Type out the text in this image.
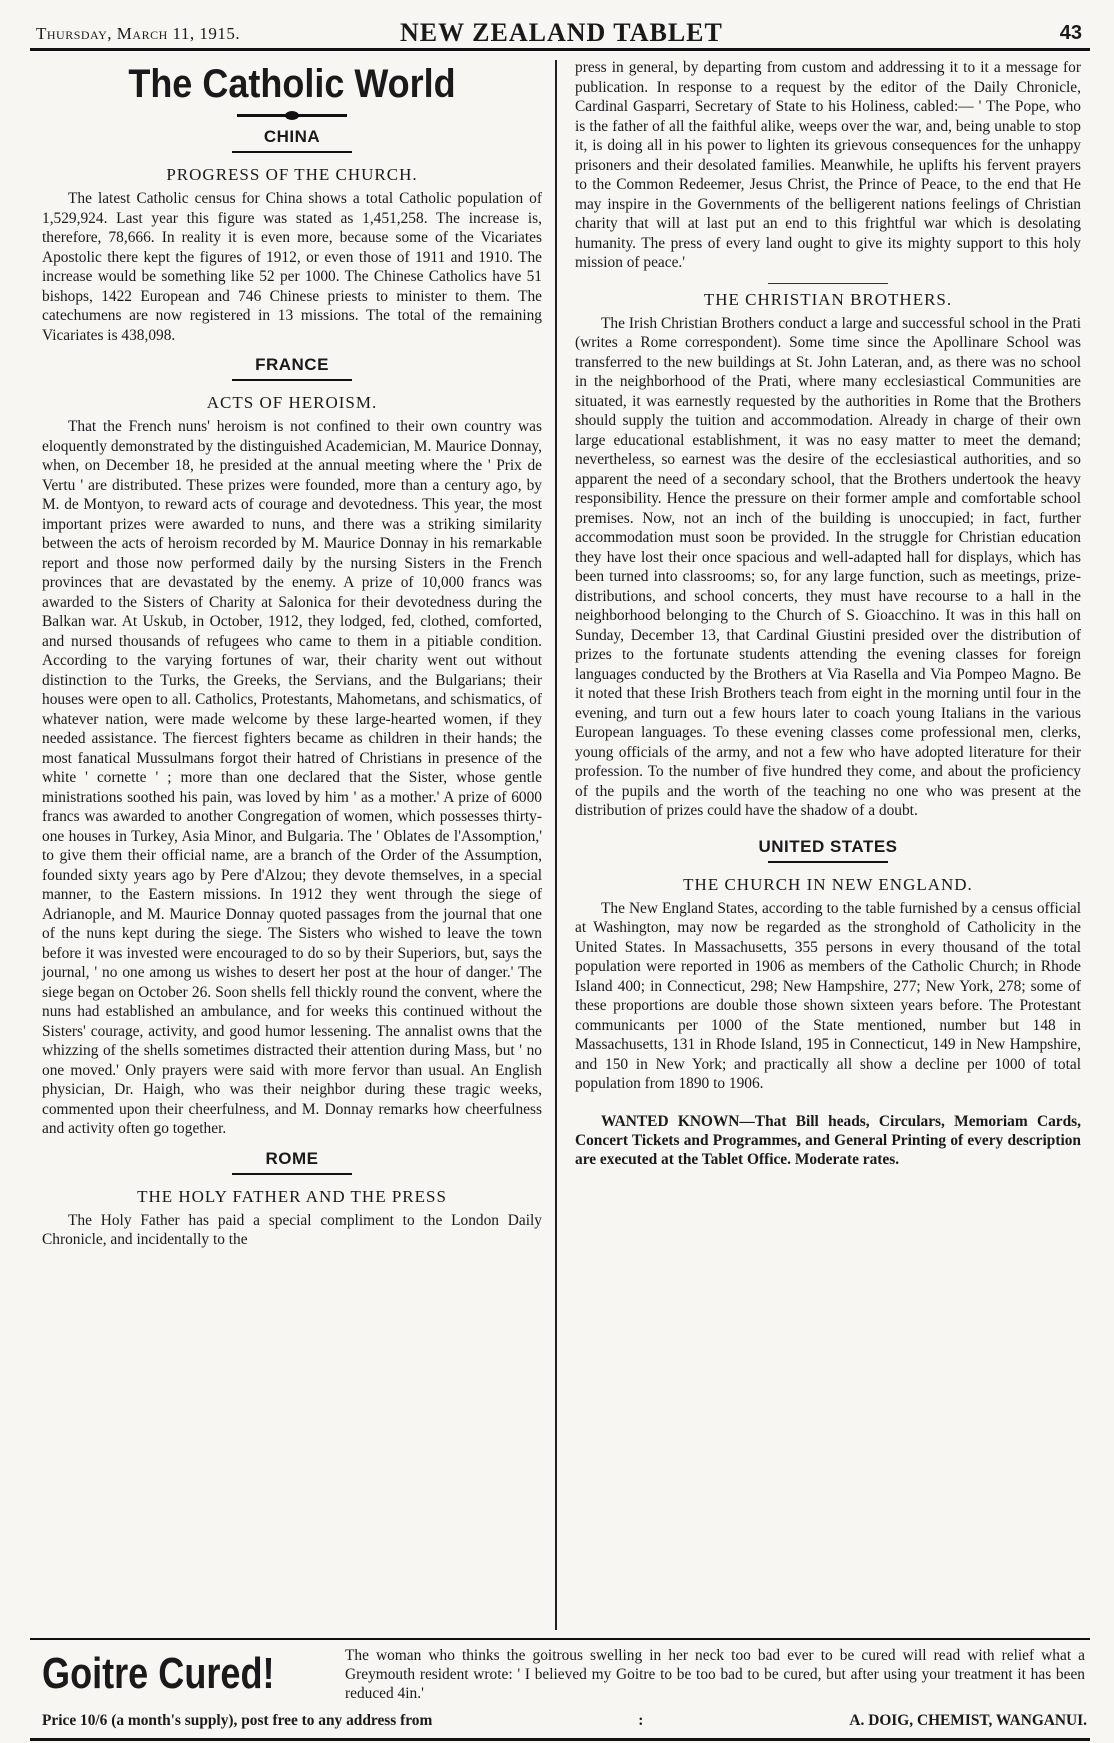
Thursday, March 11, 1915.	NEW ZEALAND TABLET	43
The Catholic World
CHINA
PROGRESS OF THE CHURCH.

The latest Catholic census for China shows a total Catholic population of 1,529,924. Last year this figure was stated as 1,451,258. The increase is, therefore, 78,666. In reality it is even more, because some of the Vicariates Apostolic there kept the figures of 1912, or even those of 1911 and 1910. The increase would be something like 52 per 1000. The Chinese Catholics have 51 bishops, 1422 European and 746 Chinese priests to minister to them. The catechumens are now registered in 13 missions. The total of the remaining Vicariates is 438,098.

FRANCE
ACTS OF HEROISM.

That the French nuns' heroism is not confined to their own country was eloquently demonstrated by the distinguished Academician, M. Maurice Donnay, when, on December 18, he presided at the annual meeting where the ' Prix de Vertu ' are distributed. These prizes were founded, more than a century ago, by M. de Montyon, to reward acts of courage and devotedness. This year, the most important prizes were awarded to nuns, and there was a striking similarity between the acts of heroism recorded by M. Maurice Donnay in his remarkable report and those now performed daily by the nursing Sisters in the French provinces that are devastated by the enemy. A prize of 10,000 francs was awarded to the Sisters of Charity at Salonica for their devotedness during the Balkan war. At Uskub, in October, 1912, they lodged, fed, clothed, comforted, and nursed thousands of refugees who came to them in a pitiable condition. According to the varying fortunes of war, their charity went out without distinction to the Turks, the Greeks, the Servians, and the Bulgarians; their houses were open to all. Catholics, Protestants, Mahometans, and schismatics, of whatever nation, were made welcome by these large-hearted women, if they needed assistance. The fiercest fighters became as children in their hands; the most fanatical Mussulmans forgot their hatred of Christians in presence of the white ' cornette ' ; more than one declared that the Sister, whose gentle ministrations soothed his pain, was loved by him ' as a mother.' A prize of 6000 francs was awarded to another Congregation of women, which possesses thirty-one houses in Turkey, Asia Minor, and Bulgaria. The ' Oblates de l'Assomption,' to give them their official name, are a branch of the Order of the Assumption, founded sixty years ago by Pere d'Alzou; they devote themselves, in a special manner, to the Eastern missions. In 1912 they went through the siege of Adrianople, and M. Maurice Donnay quoted passages from the journal that one of the nuns kept during the siege. The Sisters who wished to leave the town before it was invested were encouraged to do so by their Superiors, but, says the journal, ' no one among us wishes to desert her post at the hour of danger.' The siege began on October 26. Soon shells fell thickly round the convent, where the nuns had established an ambulance, and for weeks this continued without the Sisters' courage, activity, and good humor lessening. The annalist owns that the whizzing of the shells sometimes distracted their attention during Mass, but ' no one moved.' Only prayers were said with more fervor than usual. An English physician, Dr. Haigh, who was their neighbor during these tragic weeks, commented upon their cheerfulness, and M. Donnay remarks how cheerfulness and activity often go together.

ROME
THE HOLY FATHER AND THE PRESS

The Holy Father has paid a special compliment to the London Daily Chronicle, and incidentally to the

press in general, by departing from custom and addressing it to it a message for publication. In response to a request by the editor of the Daily Chronicle, Cardinal Gasparri, Secretary of State to his Holiness, cabled:— ' The Pope, who is the father of all the faithful alike, weeps over the war, and, being unable to stop it, is doing all in his power to lighten its grievous consequences for the unhappy prisoners and their desolated families. Meanwhile, he uplifts his fervent prayers to the Common Redeemer, Jesus Christ, the Prince of Peace, to the end that He may inspire in the Governments of the belligerent nations feelings of Christian charity that will at last put an end to this frightful war which is desolating humanity. The press of every land ought to give its mighty support to this holy mission of peace.'

THE CHRISTIAN BROTHERS.

The Irish Christian Brothers conduct a large and successful school in the Prati (writes a Rome correspondent). Some time since the Apollinare School was transferred to the new buildings at St. John Lateran, and, as there was no school in the neighborhood of the Prati, where many ecclesiastical Communities are situated, it was earnestly requested by the authorities in Rome that the Brothers should supply the tuition and accommodation. Already in charge of their own large educational establishment, it was no easy matter to meet the demand; nevertheless, so earnest was the desire of the ecclesiastical authorities, and so apparent the need of a secondary school, that the Brothers undertook the heavy responsibility. Hence the pressure on their former ample and comfortable school premises. Now, not an inch of the building is unoccupied; in fact, further accommodation must soon be provided. In the struggle for Christian education they have lost their once spacious and well-adapted hall for displays, which has been turned into classrooms; so, for any large function, such as meetings, prize-distributions, and school concerts, they must have recourse to a hall in the neighborhood belonging to the Church of S. Gioacchino. It was in this hall on Sunday, December 13, that Cardinal Giustini presided over the distribution of prizes to the fortunate students attending the evening classes for foreign languages conducted by the Brothers at Via Rasella and Via Pompeo Magno. Be it noted that these Irish Brothers teach from eight in the morning until four in the evening, and turn out a few hours later to coach young Italians in the various European languages. To these evening classes come professional men, clerks, young officials of the army, and not a few who have adopted literature for their profession. To the number of five hundred they come, and about the proficiency of the pupils and the worth of the teaching no one who was present at the distribution of prizes could have the shadow of a doubt.

UNITED STATES
THE CHURCH IN NEW ENGLAND.

The New England States, according to the table furnished by a census official at Washington, may now be regarded as the stronghold of Catholicity in the United States. In Massachusetts, 355 persons in every thousand of the total population were reported in 1906 as members of the Catholic Church; in Rhode Island 400; in Connecticut, 298; New Hampshire, 277; New York, 278; some of these proportions are double those shown sixteen years before. The Protestant communicants per 1000 of the State mentioned, number but 148 in Massachusetts, 131 in Rhode Island, 195 in Connecticut, 149 in New Hampshire, and 150 in New York; and practically all show a decline per 1000 of total population from 1890 to 1906.

WANTED KNOWN—That Bill heads, Circulars, Memoriam Cards, Concert Tickets and Programmes, and General Printing of every description are executed at the Tablet Office. Moderate rates.

Goitre Cured!	The woman who thinks the goitrous swelling in her neck too bad ever to be cured will read with relief what a Greymouth resident wrote: ' I believed my Goitre to be too bad to be cured, but after using your treatment it has been reduced 4in.'
Price 10/6 (a month's supply), post free to any address from	:	A. DOIG, CHEMIST, WANGANUI.
